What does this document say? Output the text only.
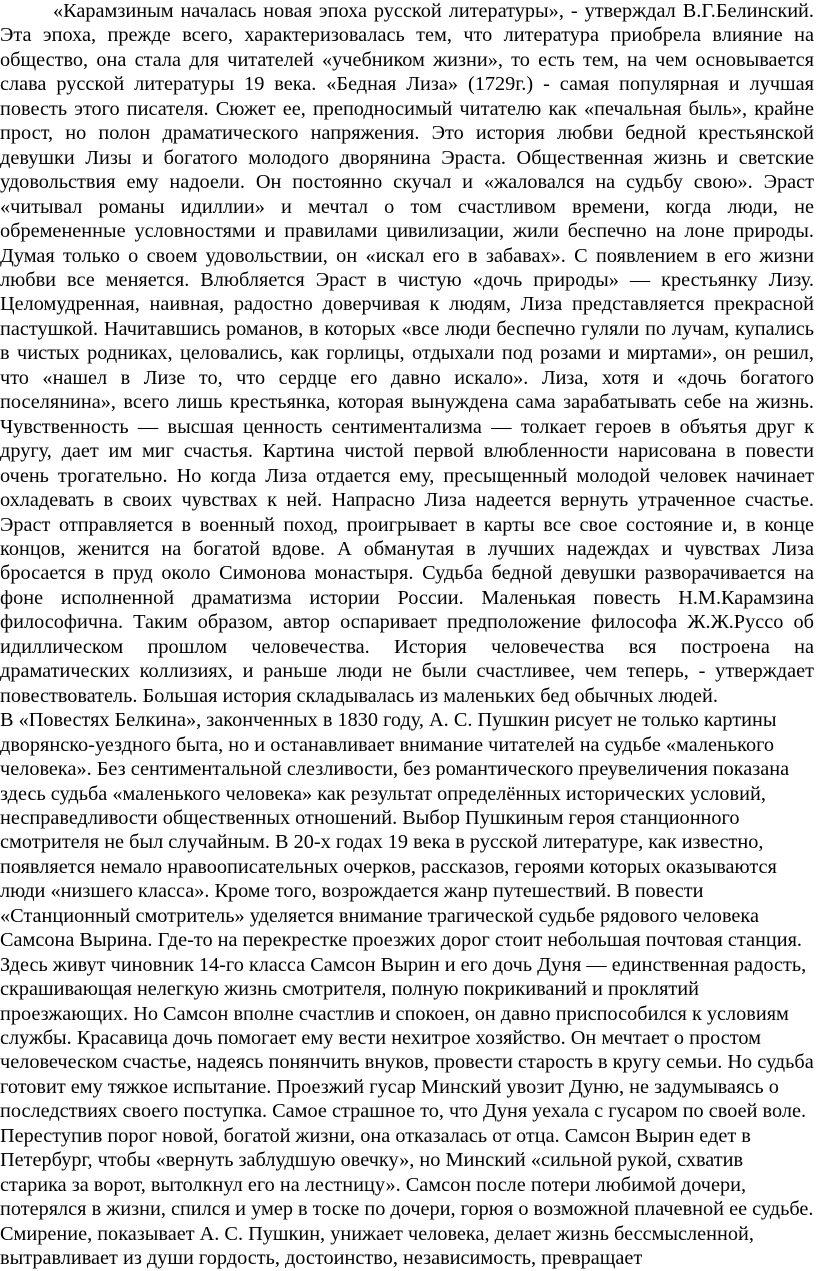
«Карамзиным началась новая эпоха русской литературы», - утверждал В.Г.Белинский. Эта эпоха, прежде всего, характеризовалась тем, что литература приобрела влияние на общество, она стала для читателей «учебником жизни», то есть тем, на чем основывается слава русской литературы 19 века. «Бедная Лиза» (1729г.) - самая популярная и лучшая повесть этого писателя. Сюжет ее, преподносимый читателю как «печальная быль», крайне прост, но полон драматического напряжения. Это история любви бедной крестьянской девушки Лизы и богатого молодого дворянина Эраста. Общественная жизнь и светские удовольствия ему надоели. Он постоянно скучал и «жаловался на судьбу свою». Эраст «читывал романы идиллии» и мечтал о том счастливом времени, когда люди, не обремененные условностями и правилами цивилизации, жили беспечно на лоне природы. Думая только о своем удовольствии, он «искал его в забавах». С появлением в его жизни любви все меняется. Влюбляется Эраст в чистую «дочь природы» — крестьянку Лизу. Целомудренная, наивная, радостно доверчивая к людям, Лиза представляется прекрасной пастушкой. Начитавшись романов, в которых «все люди беспечно гуляли по лучам, купались в чистых родниках, целовались, как горлицы, отдыхали под розами и миртами», он решил, что «нашел в Лизе то, что сердце его давно искало». Лиза, хотя и «дочь богатого поселянина», всего лишь крестьянка, которая вынуждена сама зарабатывать себе на жизнь. Чувственность — высшая ценность сентиментализма — толкает героев в объятья друг к другу, дает им миг счастья. Картина чистой первой влюбленности нарисована в повести очень трогательно. Но когда Лиза отдается ему, пресыщенный молодой человек начинает охладевать в своих чувствах к ней. Напрасно Лиза надеется вернуть утраченное счастье. Эраст отправляется в военный поход, проигрывает в карты все свое состояние и, в конце концов, женится на богатой вдове. А обманутая в лучших надеждах и чувствах Лиза бросается в пруд около Симонова монастыря. Судьба бедной девушки разворачивается на фоне исполненной драматизма истории России. Маленькая повесть Н.М.Карамзина философична. Таким образом, автор оспаривает предположение философа Ж.Ж.Руссо об идиллическом прошлом человечества. История человечества вся построена на драматических коллизиях, и раньше люди не были счастливее, чем теперь, - утверждает повествователь. Большая история складывалась из маленьких бед обычных людей.

В «Повестях Белкина», законченных в 1830 году, А. С. Пушкин рисует не только картины дворянско-уездного быта, но и останавливает внимание читателей на судьбе «маленького человека». Без сентиментальной слезливости, без романтического преувеличения показана здесь судьба «маленького человека» как результат определённых исторических условий, несправедливости общественных отношений. Выбор Пушкиным героя станционного смотрителя не был случайным. В 20-х годах 19 века в русской литературе, как известно, появляется немало нравоописательных очерков, рассказов, героями которых оказываются люди «низшего класса». Кроме того, возрождается жанр путешествий. В повести «Станционный смотритель» уделяется внимание трагической судьбе рядового человека Самсона Вырина. Где-то на перекрестке проезжих дорог стоит небольшая почтовая станция. Здесь живут чиновник 14-го класса Самсон Вырин и его дочь Дуня — единственная радость, скрашивающая нелегкую жизнь смотрителя, полную покрикиваний и проклятий проезжающих. Но Самсон вполне счастлив и спокоен, он давно приспособился к условиям службы. Красавица дочь помогает ему вести нехитрое хозяйство. Он мечтает о простом человеческом счастье, надеясь понянчить внуков, провести старость в кругу семьи. Но судьба готовит ему тяжкое испытание. Проезжий гусар Минский увозит Дуню, не задумываясь о последствиях своего поступка. Самое страшное то, что Дуня уехала с гусаром по своей воле. Переступив порог новой, богатой жизни, она отказалась от отца. Самсон Вырин едет в Петербург, чтобы «вернуть заблудшую овечку», но Минский «сильной рукой, схватив старика за ворот, вытолкнул его на лестницу». Самсон после потери любимой дочери, потерялся в жизни, спился и умер в тоске по дочери, горюя о возможной плачевной ее судьбе. Смирение, показывает А. С. Пушкин, унижает человека, делает жизнь бессмысленной, вытравливает из души гордость, достоинство, независимость, превращает
